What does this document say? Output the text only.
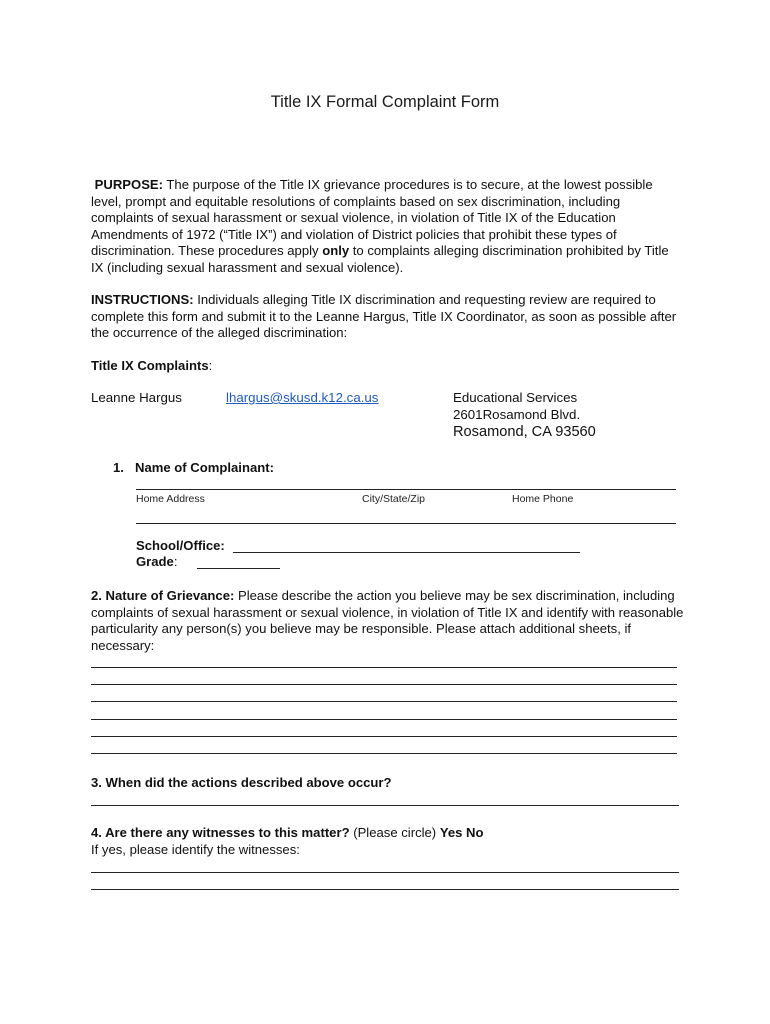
Title IX Formal Complaint Form

PURPOSE: The purpose of the Title IX grievance procedures is to secure, at the lowest possible level, prompt and equitable resolutions of complaints based on sex discrimination, including complaints of sexual harassment or sexual violence, in violation of Title IX of the Education Amendments of 1972 (“Title IX”) and violation of District policies that prohibit these types of discrimination. These procedures apply only to complaints alleging discrimination prohibited by Title IX (including sexual harassment and sexual violence).

INSTRUCTIONS: Individuals alleging Title IX discrimination and requesting review are required to complete this form and submit it to the Leanne Hargus, Title IX Coordinator, as soon as possible after the occurrence of the alleged discrimination:

Title IX Complaints:

Leanne Hargus	lhargus@skusd.k12.ca.us	Educational Services
2601Rosamond Blvd.
Rosamond, CA 93560
1. Name of Complainant:
Home Address	City/State/Zip	Home Phone
School/Office:
Grade:
2. Nature of Grievance: Please describe the action you believe may be sex discrimination, including complaints of sexual harassment or sexual violence, in violation of Title IX and identify with reasonable particularity any person(s) you believe may be responsible. Please attach additional sheets, if necessary:
3. When did the actions described above occur?
4. Are there any witnesses to this matter? (Please circle) Yes No
If yes, please identify the witnesses:
